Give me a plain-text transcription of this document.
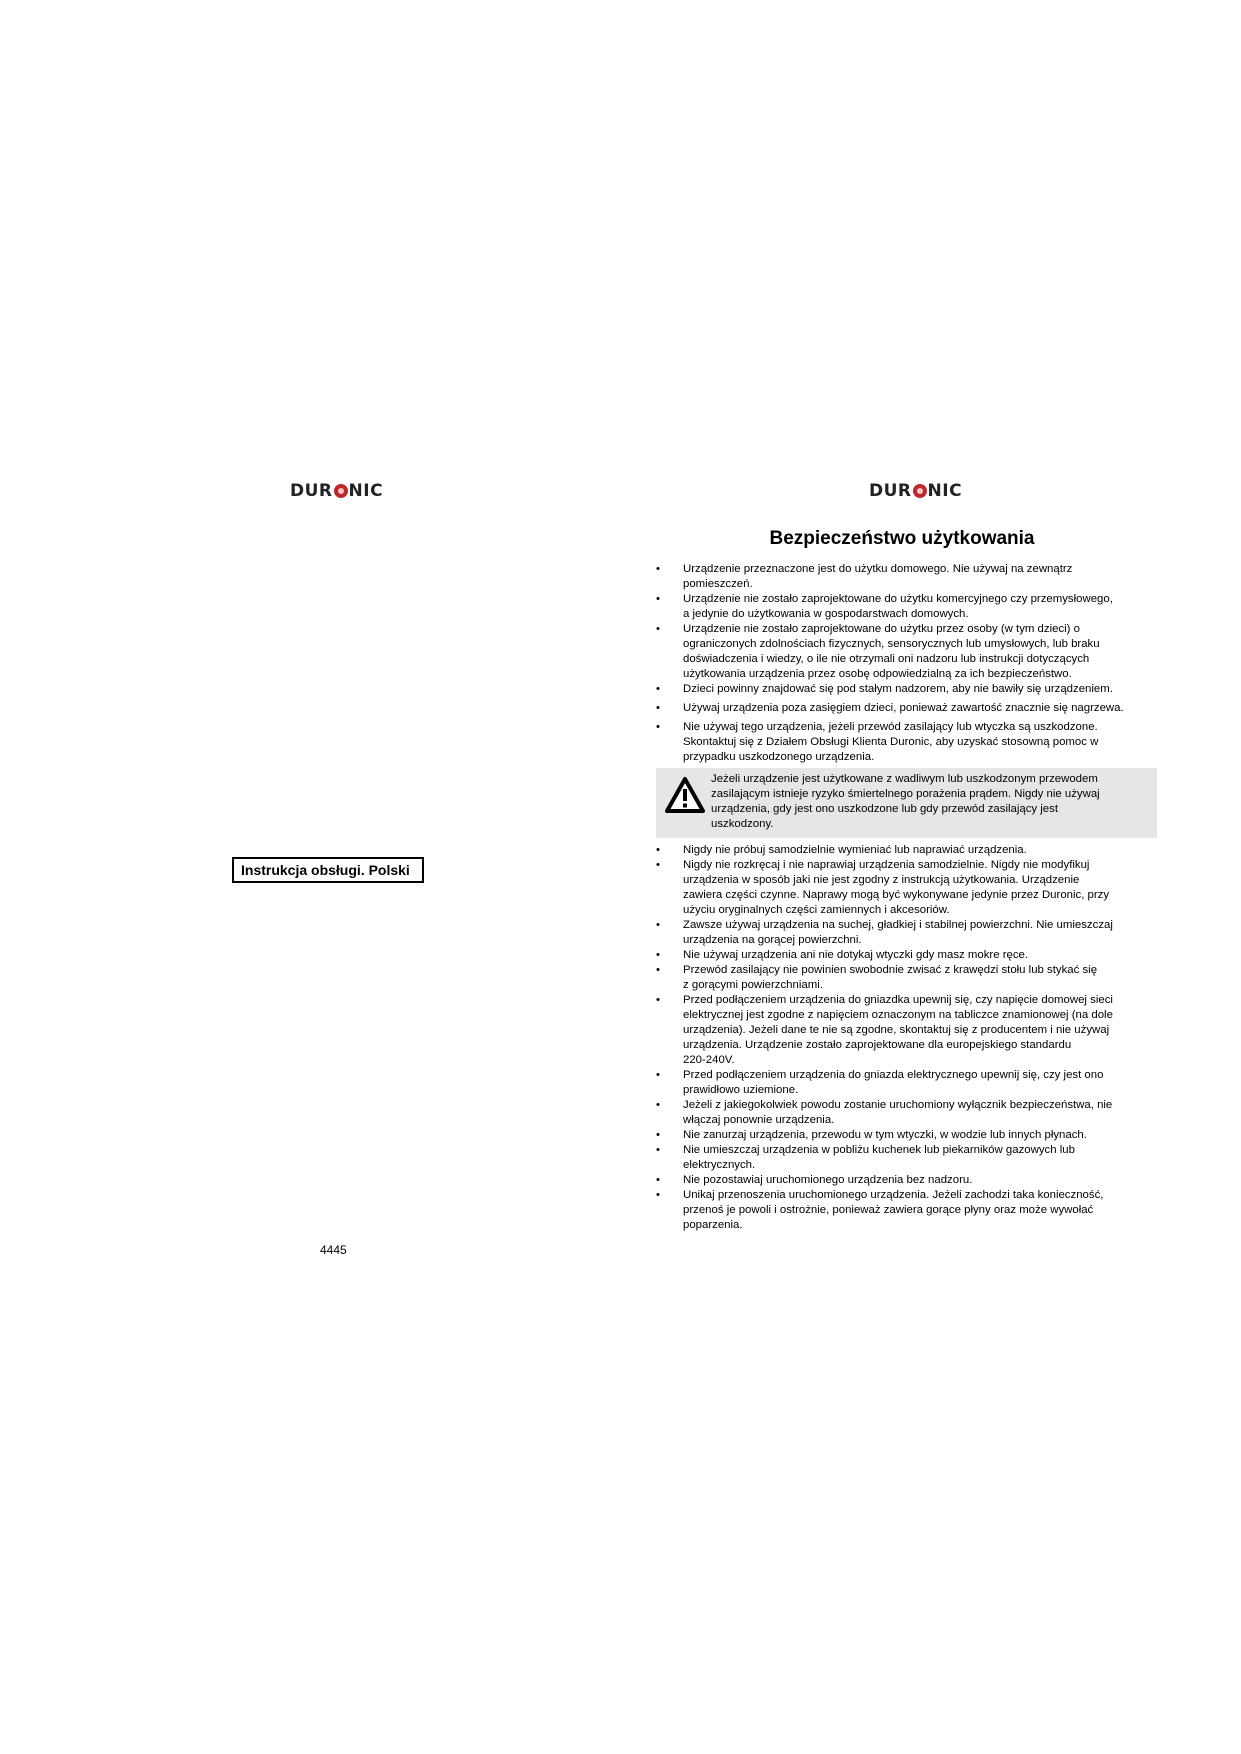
DUR NIC
Instrukcja obsługi. Polski
4445
DUR NIC
Bezpieczeństwo użytkowania
• Urządzenie przeznaczone jest do użytku domowego. Nie używaj na zewnątrz
pomieszczeń.
• Urządzenie nie zostało zaprojektowane do użytku komercyjnego czy przemysłowego,
a jedynie do użytkowania w gospodarstwach domowych.
• Urządzenie nie zostało zaprojektowane do użytku przez osoby (w tym dzieci) o
ograniczonych zdolnościach fizycznych, sensorycznych lub umysłowych, lub braku
doświadczenia i wiedzy, o ile nie otrzymali oni nadzoru lub instrukcji dotyczących
użytkowania urządzenia przez osobę odpowiedzialną za ich bezpieczeństwo.
• Dzieci powinny znajdować się pod stałym nadzorem, aby nie bawiły się urządzeniem.
• Używaj urządzenia poza zasięgiem dzieci, ponieważ zawartość znacznie się nagrzewa.
• Nie używaj tego urządzenia, jeżeli przewód zasilający lub wtyczka są uszkodzone.
Skontaktuj się z Działem Obsługi Klienta Duronic, aby uzyskać stosowną pomoc w
przypadku uszkodzonego urządzenia.
Jeżeli urządzenie jest użytkowane z wadliwym lub uszkodzonym przewodem
zasilającym istnieje ryzyko śmiertelnego porażenia prądem. Nigdy nie używaj
urządzenia, gdy jest ono uszkodzone lub gdy przewód zasilający jest
uszkodzony.
• Nigdy nie próbuj samodzielnie wymieniać lub naprawiać urządzenia.
• Nigdy nie rozkręcaj i nie naprawiaj urządzenia samodzielnie. Nigdy nie modyfikuj
urządzenia w sposób jaki nie jest zgodny z instrukcją użytkowania. Urządzenie
zawiera części czynne. Naprawy mogą być wykonywane jedynie przez Duronic, przy
użyciu oryginalnych części zamiennych i akcesoriów.
• Zawsze używaj urządzenia na suchej, gładkiej i stabilnej powierzchni. Nie umieszczaj
urządzenia na gorącej powierzchni.
• Nie używaj urządzenia ani nie dotykaj wtyczki gdy masz mokre ręce.
• Przewód zasilający nie powinien swobodnie zwisać z krawędzi stołu lub stykać się
z gorącymi powierzchniami.
• Przed podłączeniem urządzenia do gniazdka upewnij się, czy napięcie domowej sieci
elektrycznej jest zgodne z napięciem oznaczonym na tabliczce znamionowej (na dole
urządzenia). Jeżeli dane te nie są zgodne, skontaktuj się z producentem i nie używaj
urządzenia. Urządzenie zostało zaprojektowane dla europejskiego standardu
220-240V.
• Przed podłączeniem urządzenia do gniazda elektrycznego upewnij się, czy jest ono
prawidłowo uziemione.
• Jeżeli z jakiegokolwiek powodu zostanie uruchomiony wyłącznik bezpieczeństwa, nie
włączaj ponownie urządzenia.
• Nie zanurzaj urządzenia, przewodu w tym wtyczki, w wodzie lub innych płynach.
• Nie umieszczaj urządzenia w pobliżu kuchenek lub piekarników gazowych lub
elektrycznych.
• Nie pozostawiaj uruchomionego urządzenia bez nadzoru.
• Unikaj przenoszenia uruchomionego urządzenia. Jeżeli zachodzi taka konieczność,
przenoś je powoli i ostrożnie, ponieważ zawiera gorące płyny oraz może wywołać
poparzenia.
